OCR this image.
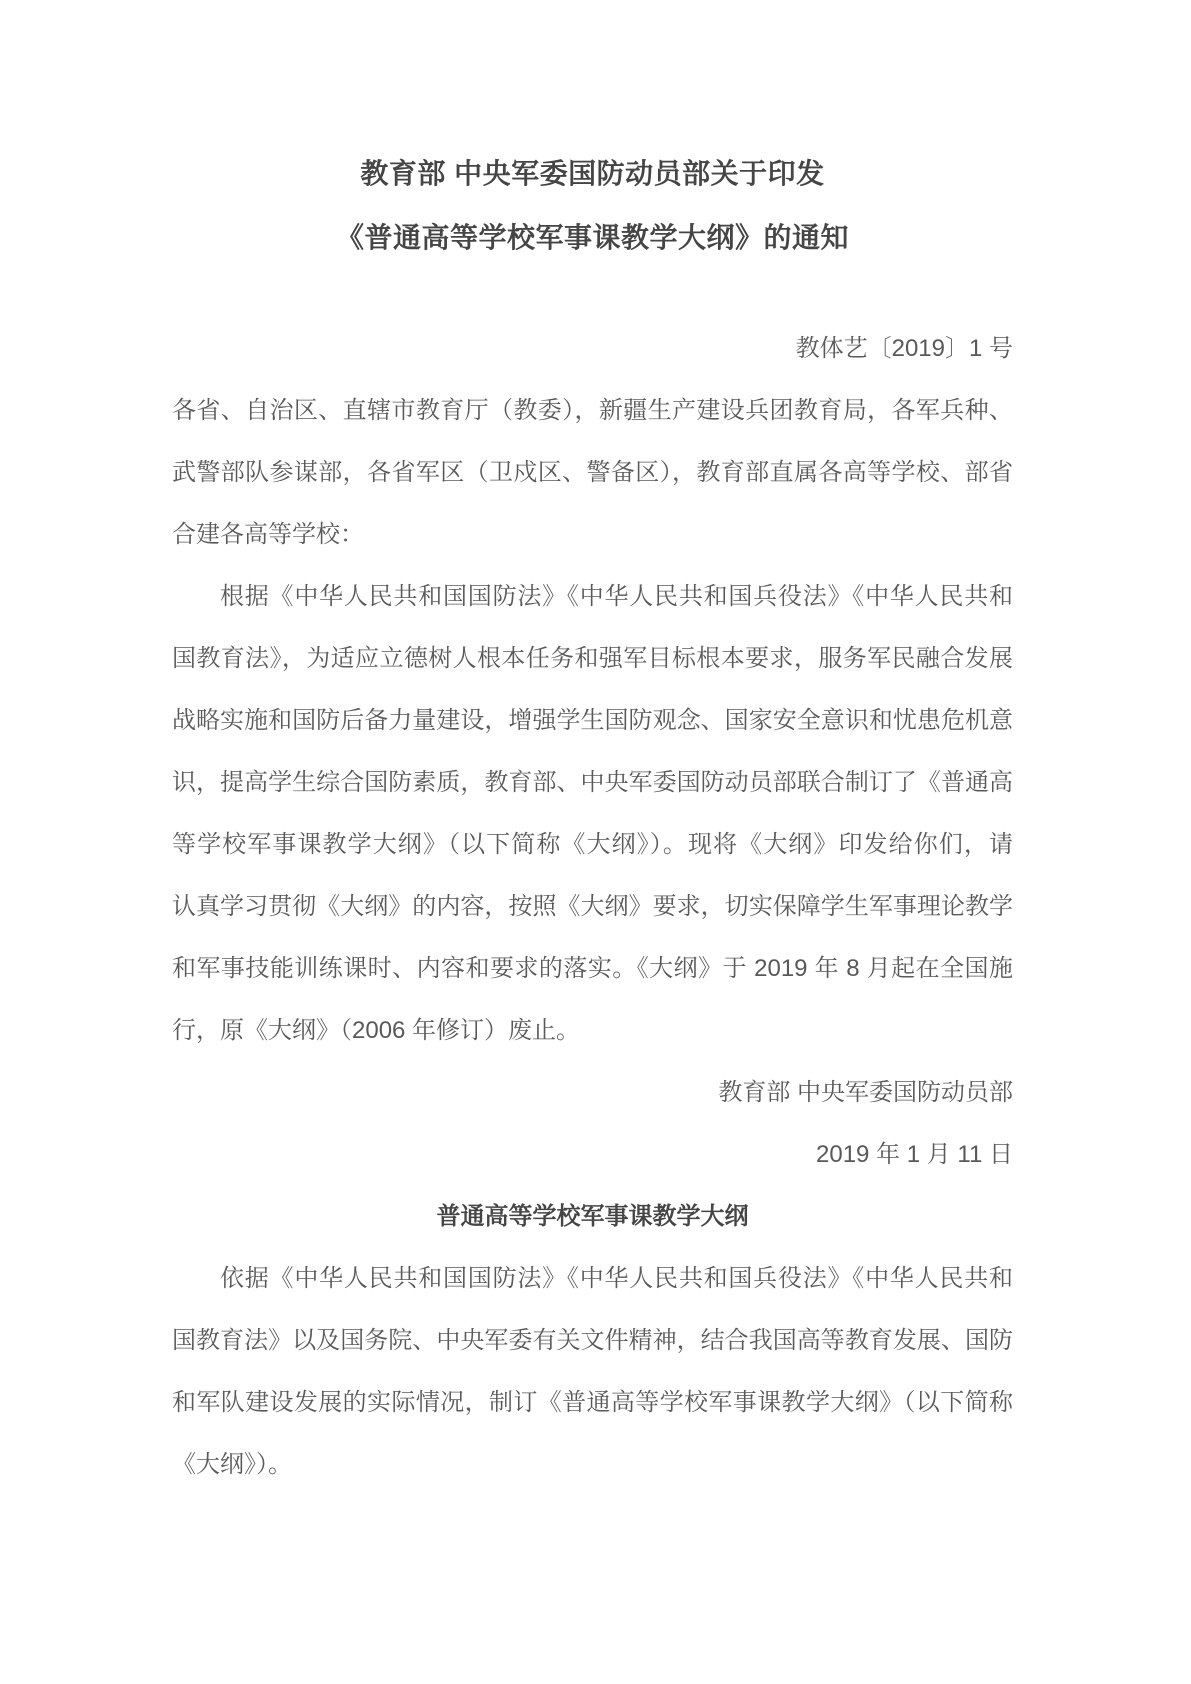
教育部 中央军委国防动员部关于印发
《普通高等学校军事课教学大纲》的通知
教体艺〔2019〕1 号
各省、自治区、直辖市教育厅（教委），新疆生产建设兵团教育局，各军兵种、
武警部队参谋部，各省军区（卫戍区、警备区），教育部直属各高等学校、部省
合建各高等学校：
根据《中华人民共和国国防法》《中华人民共和国兵役法》《中华人民共和
国教育法》，为适应立德树人根本任务和强军目标根本要求，服务军民融合发展
战略实施和国防后备力量建设，增强学生国防观念、国家安全意识和忧患危机意
识，提高学生综合国防素质，教育部、中央军委国防动员部联合制订了《普通高
等学校军事课教学大纲》（以下简称《大纲》）。现将《大纲》印发给你们，请
认真学习贯彻《大纲》的内容，按照《大纲》要求，切实保障学生军事理论教学
和军事技能训练课时、内容和要求的落实。《大纲》于 2019 年 8 月起在全国施
行，原《大纲》（2006 年修订）废止。
教育部 中央军委国防动员部
2019 年 1 月 11 日
普通高等学校军事课教学大纲
依据《中华人民共和国国防法》《中华人民共和国兵役法》《中华人民共和
国教育法》以及国务院、中央军委有关文件精神，结合我国高等教育发展、国防
和军队建设发展的实际情况，制订《普通高等学校军事课教学大纲》（以下简称
《大纲》）。
